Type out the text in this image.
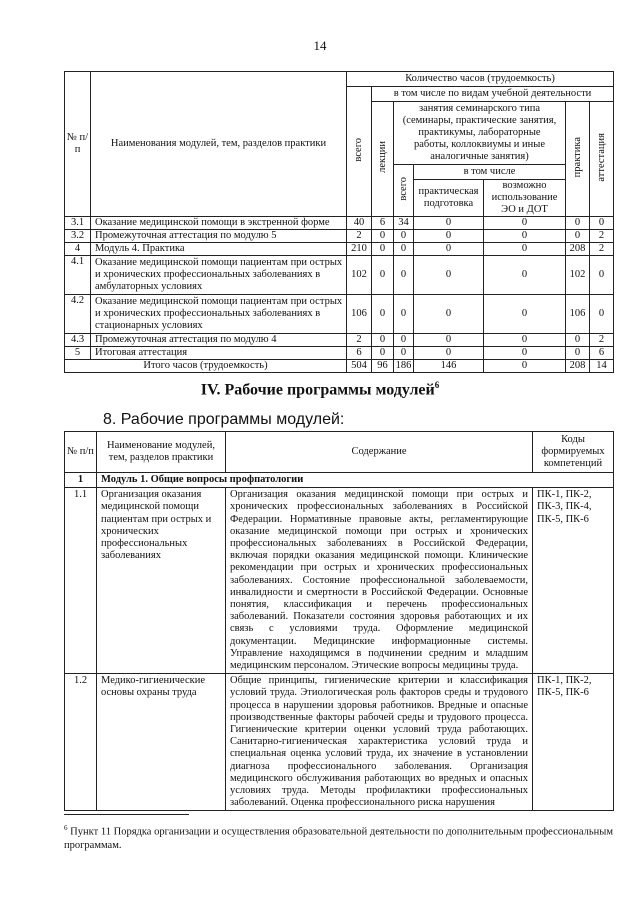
14
№ п/п	Наименования модулей, тем, разделов практики	Количество часов (трудоемкость)						
		всего	в том числе по видам учебной деятельности					
			лекции	занятия семинарского типа (семинары, практические занятия, практикумы, лабораторные работы, коллоквиумы и иные аналогичные занятия)			практика	аттестация
				всего	в том числе			
					практическая подготовка	возможно использование ЭО и ДОТ		
3.1	Оказание медицинской помощи в экстренной форме	40	6	34	0	0	0	0
3.2	Промежуточная аттестация по модулю 5	2	0	0	0	0	0	2
4	Модуль 4. Практика	210	0	0	0	0	208	2
4.1	Оказание медицинской помощи пациентам при острых и хронических профессиональных заболеваниях в амбулаторных условиях	102	0	0	0	0	102	0
4.2	Оказание медицинской помощи пациентам при острых и хронических профессиональных заболеваниях в стационарных условиях	106	0	0	0	0	106	0
4.3	Промежуточная аттестация по модулю 4	2	0	0	0	0	0	2
5	Итоговая аттестация	6	0	0	0	0	0	6
Итого часов (трудоемкость)		504	96	186	146	0	208	14
IV. Рабочие программы модулей$^6$
8. Рабочие программы модулей:
№ п/п	Наименование модулей, тем, разделов практики	Содержание	Коды формируемых компетенций
1	Модуль 1. Общие вопросы профпатологии		
1.1	Организация оказания медицинской помощи пациентам при острых и хронических профессиональных заболеваниях	Организация оказания медицинской помощи при острых и хронических профессиональных заболеваниях в Российской Федерации. Нормативные правовые акты, регламентирующие оказание медицинской помощи при острых и хронических профессиональных заболеваниях в Российской Федерации, включая порядки оказания медицинской помощи. Клинические рекомендации при острых и хронических профессиональных заболеваниях. Состояние профессиональной заболеваемости, инвалидности и смертности в Российской Федерации. Основные понятия, классификация и перечень профессиональных заболеваний. Показатели состояния здоровья работающих и их связь с условиями труда. Оформление медицинской документации. Медицинские информационные системы. Управление находящимся в подчинении средним и младшим медицинским персоналом. Этические вопросы медицины труда.	ПК-1, ПК-2, ПК-3, ПК-4, ПК-5, ПК-6
1.2	Медико-гигиенические основы охраны труда	Общие принципы, гигиенические критерии и классификация условий труда. Этиологическая роль факторов среды и трудового процесса в нарушении здоровья работников. Вредные и опасные производственные факторы рабочей среды и трудового процесса. Гигиенические критерии оценки условий труда работающих. Санитарно-гигиеническая характеристика условий труда и специальная оценка условий труда, их значение в установлении диагноза профессионального заболевания. Организация медицинского обслуживания работающих во вредных и опасных условиях труда. Методы профилактики профессиональных заболеваний. Оценка профессионального риска нарушения	ПК-1, ПК-2, ПК-5, ПК-6
$^6$ Пункт 11 Порядка организации и осуществления образовательной деятельности по дополнительным профессиональным программам.
